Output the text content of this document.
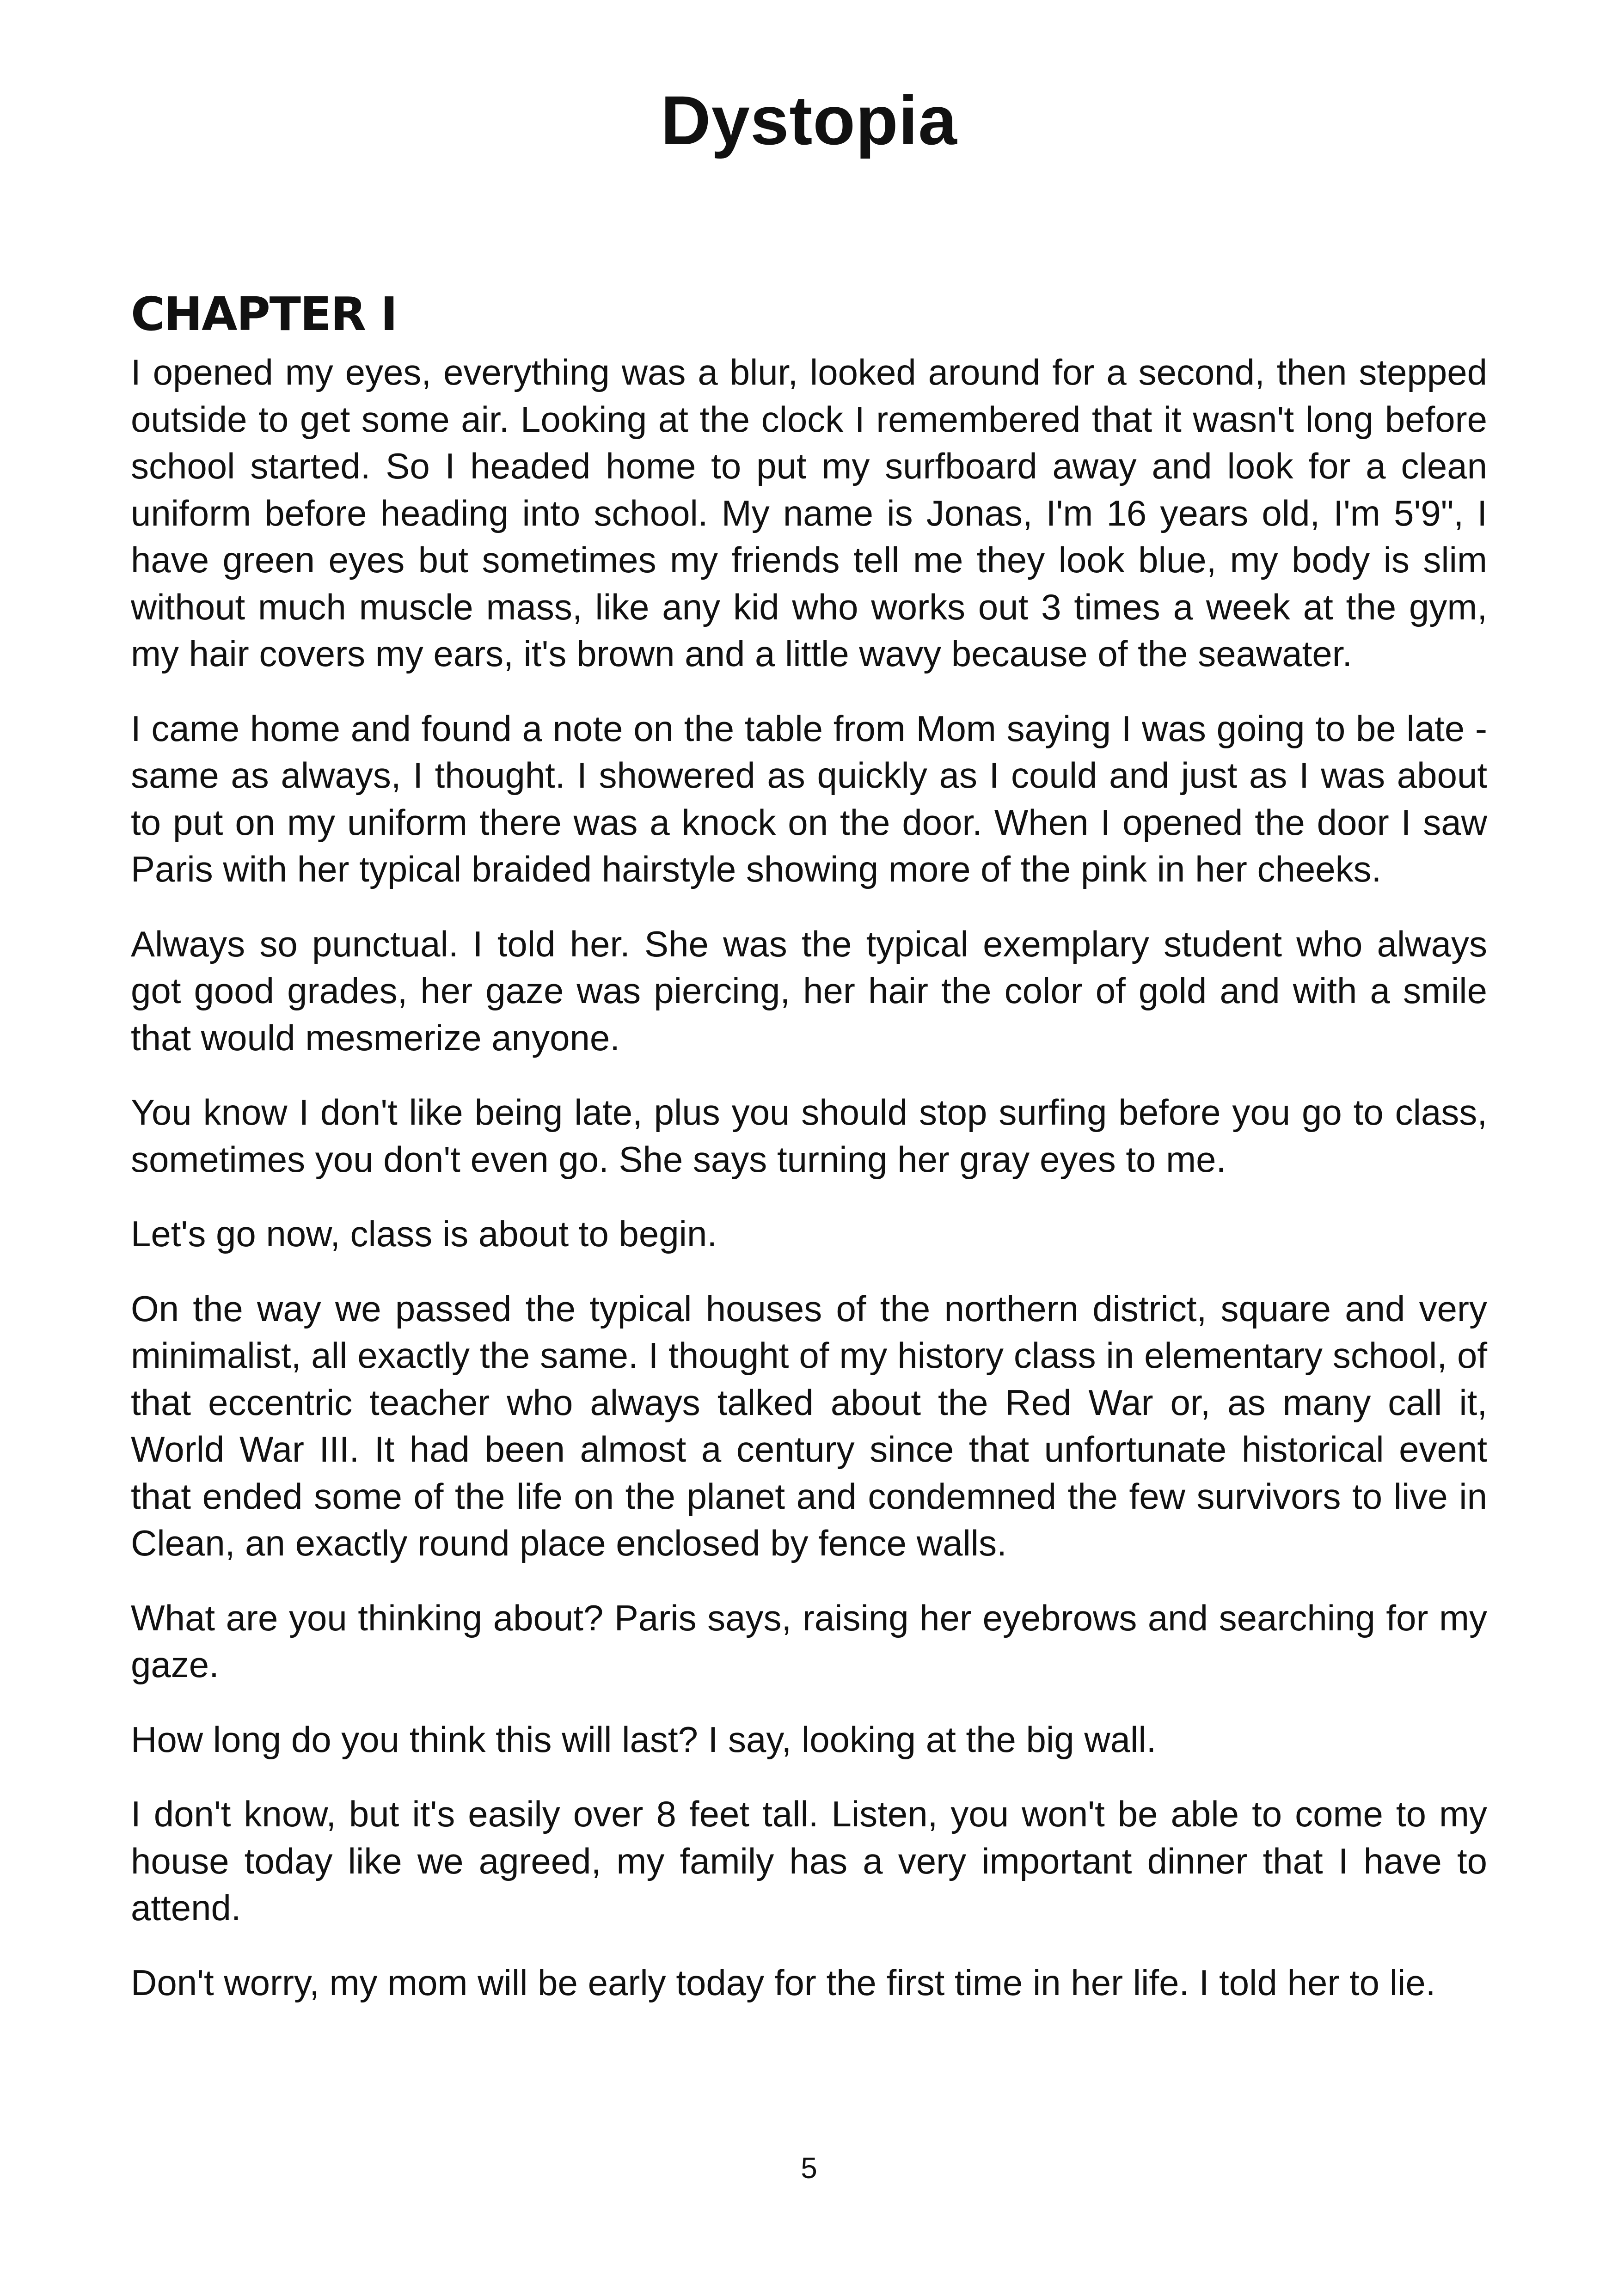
Dystopia
CHAPTER I

I opened my eyes, everything was a blur, looked around for a second, then stepped outside to get some air. Looking at the clock I remembered that it wasn't long before school started. So I headed home to put my surfboard away and look for a clean uniform before heading into school. My name is Jonas, I'm 16 years old, I'm 5'9", I have green eyes but sometimes my friends tell me they look blue, my body is slim without much muscle mass, like any kid who works out 3 times a week at the gym, my hair covers my ears, it's brown and a little wavy because of the seawater.

I came home and found a note on the table from Mom saying I was going to be late - same as always, I thought. I showered as quickly as I could and just as I was about to put on my uniform there was a knock on the door. When I opened the door I saw Paris with her typical braided hairstyle showing more of the pink in her cheeks.

Always so punctual. I told her. She was the typical exemplary student who always got good grades, her gaze was piercing, her hair the color of gold and with a smile that would mesmerize anyone.

You know I don't like being late, plus you should stop surfing before you go to class, sometimes you don't even go. She says turning her gray eyes to me.

Let's go now, class is about to begin.

On the way we passed the typical houses of the northern district, square and very minimalist, all exactly the same. I thought of my history class in elementary school, of that eccentric teacher who always talked about the Red War or, as many call it, World War III. It had been almost a century since that unfortunate historical event that ended some of the life on the planet and condemned the few survivors to live in Clean, an exactly round place enclosed by fence walls.

What are you thinking about? Paris says, raising her eyebrows and searching for my gaze.

How long do you think this will last? I say, looking at the big wall.

I don't know, but it's easily over 8 feet tall. Listen, you won't be able to come to my house today like we agreed, my family has a very important dinner that I have to attend.

Don't worry, my mom will be early today for the first time in her life. I told her to lie.

5
